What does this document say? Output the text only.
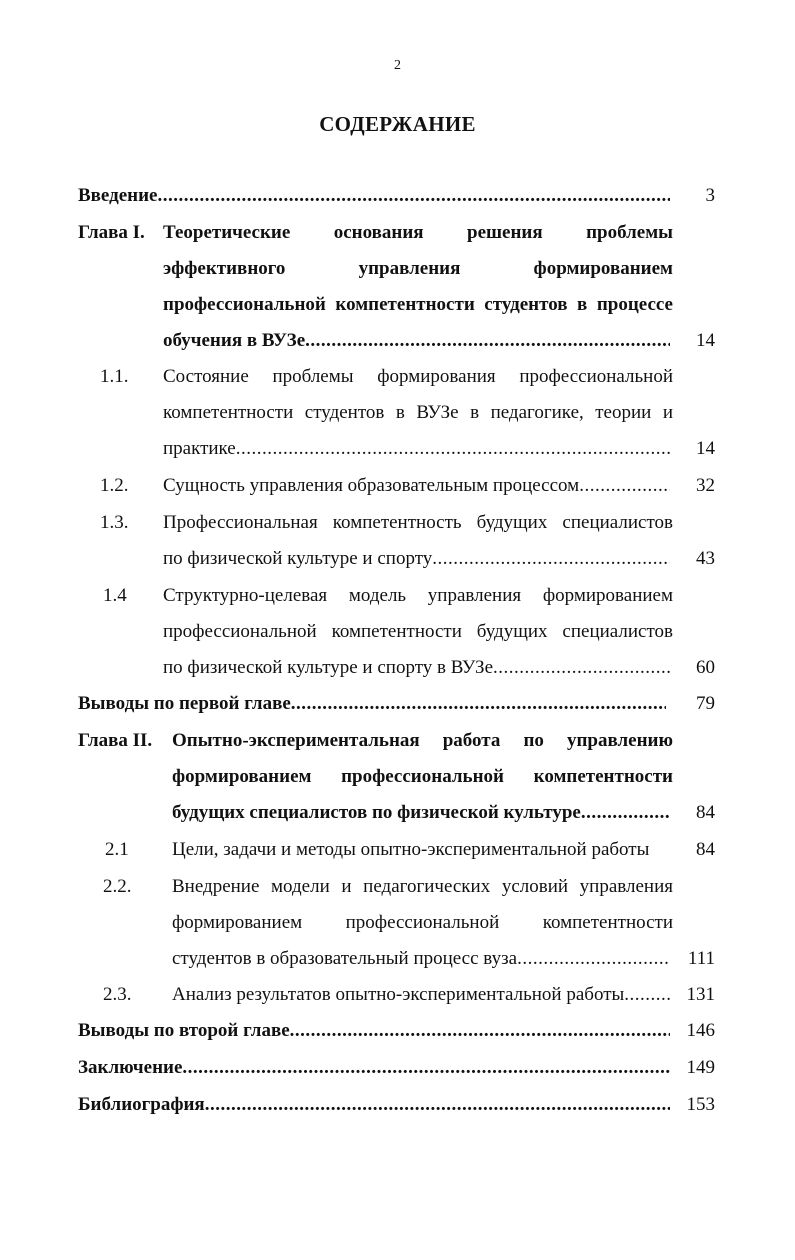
2
СОДЕРЖАНИЕ
Введение .....	3
Глава I. Теоретические основания решения проблемы
эффективного управления формированием
профессиональной компетентности студентов в процессе
обучения в ВУЗе .....	14
1.1. Состояние проблемы формирования профессиональной
компетентности студентов в ВУЗе в педагогике, теории и
практике .....	14
1.2. Сущность управления образовательным процессом .....	32
1.3. Профессиональная компетентность будущих специалистов
по физической культуре и спорту .....	43
1.4 Структурно-целевая модель управления формированием
профессиональной компетентности будущих специалистов
по физической культуре и спорту в ВУЗе .....	60
Выводы по первой главе .....	79
Глава II. Опытно-экспериментальная работа по управлению
формированием профессиональной компетентности
будущих специалистов по физической культуре .....	84
2.1 Цели, задачи и методы опытно-экспериментальной работы	84
2.2. Внедрение модели и педагогических условий управления
формированием профессиональной компетентности
студентов в образовательный процесс вуза .....	111
2.3. Анализ результатов опытно-экспериментальной работы .....	131
Выводы по второй главе .....	146
Заключение .....	149
Библиография .....	153
